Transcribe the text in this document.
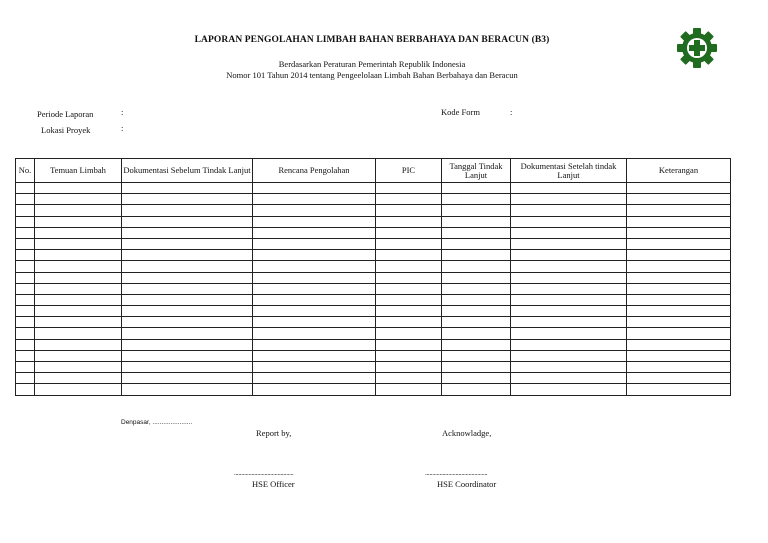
LAPORAN PENGOLAHAN LIMBAH BAHAN BERBAHAYA DAN BERACUN (B3)
Berdasarkan Peraturan Pemerintah Republik Indonesia
Nomor 101 Tahun 2014 tentang Pengeelolaan Limbah Bahan Berbahaya dan Beracun
Periode Laporan	:
Lokasi Proyek	:
Kode Form	:
No.	Temuan Limbah	Dokumentasi Sebelum Tindak Lanjut	Rencana Pengolahan	PIC	Tanggal Tindak Lanjut	Dokumentasi Setelah tindak Lanjut	Keterangan

Denpasar, ......................
Report by,	Acknowladge,
.........................................	...........................................
HSE Officer	HSE Coordinator
